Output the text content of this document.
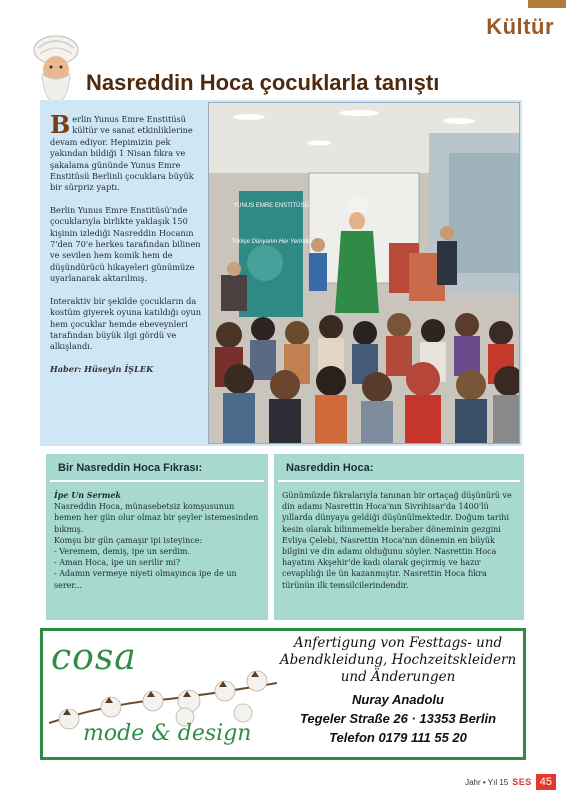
Kültür
Nasreddin Hoca çocuklarla tanıştı

Berlin Yunus Emre Enstitüsü kültür ve sanat etkinliklerine devam ediyor. Hepimizin pek yakından bildiği 1 Nisan fıkra ve şakalama gününde Yunus Emre Enstitüsü Berlinli çocuklara büyük bir sürpriz yaptı.

Berlin Yunus Emre Enstitüsü'nde çocuklarıyla birlikte yaklaşık 150 kişinin izlediği Nasreddin Hocanın 7'den 70'e herkes tarafından bilinen ve sevilen hem komik hem de düşündürücü hikayeleri günümüze uyarlanarak aktarılmış.

Interaktiv bir şekilde çocukların da kostüm giyerek oyuna katıldığı oyun hem çocuklar hemde ebeveynleri tarafından büyük ilgi gördü ve alkışlandı.

Haber: Hüseyin İŞLEK

YUNUS EMRE ENSTİTÜSÜ
Türkçe Dünyanın Her Yerinde
Bir Nasreddin Hoca Fıkrası:

İpe Un Sermek

Nasreddin Hoca, münasebetsiz komşusunun hemen her gün olur olmaz bir şeyler istemesinden bıkmış.
Komşu bir gün çamaşır ipi isteyince:
- Veremem, demiş, ipe un serdim.
- Aman Hoca, ipe un serilir mi?
- Adamın vermeye niyeti olmayınca ipe de un serer...
Nasreddin Hoca:
Günümüzde fıkralarıyla tanınan bir ortaçağ düşünürü ve din adamı Nasrettin Hoca'nın Sivrihisar'da 1400'lü yıllarda dünyaya geldiği düşünülmektedir. Doğum tarihi kesin olarak bilinmemekle beraber döneminin gezgini Evliya Çelebi, Nasrettin Hoca'nın dönemin en büyük bilgini ve din adamı olduğunu söyler. Nasrettin Hoca hayatını Akşehir'de kadı olarak geçirmiş ve hazır cevaplılığı ile ün kazanmıştır. Nasrettin Hoca fıkra türünün ilk temsilcilerindendir.
cosa
mode & design
Anfertigung von Festtags- und Abendkleidung, Hochzeitskleidern und Änderungen
Nuray Anadolu
Tegeler Straße 26 · 13353 Berlin
Telefon 0179 111 55 20
Jahr • Yıl 15 SES 45
